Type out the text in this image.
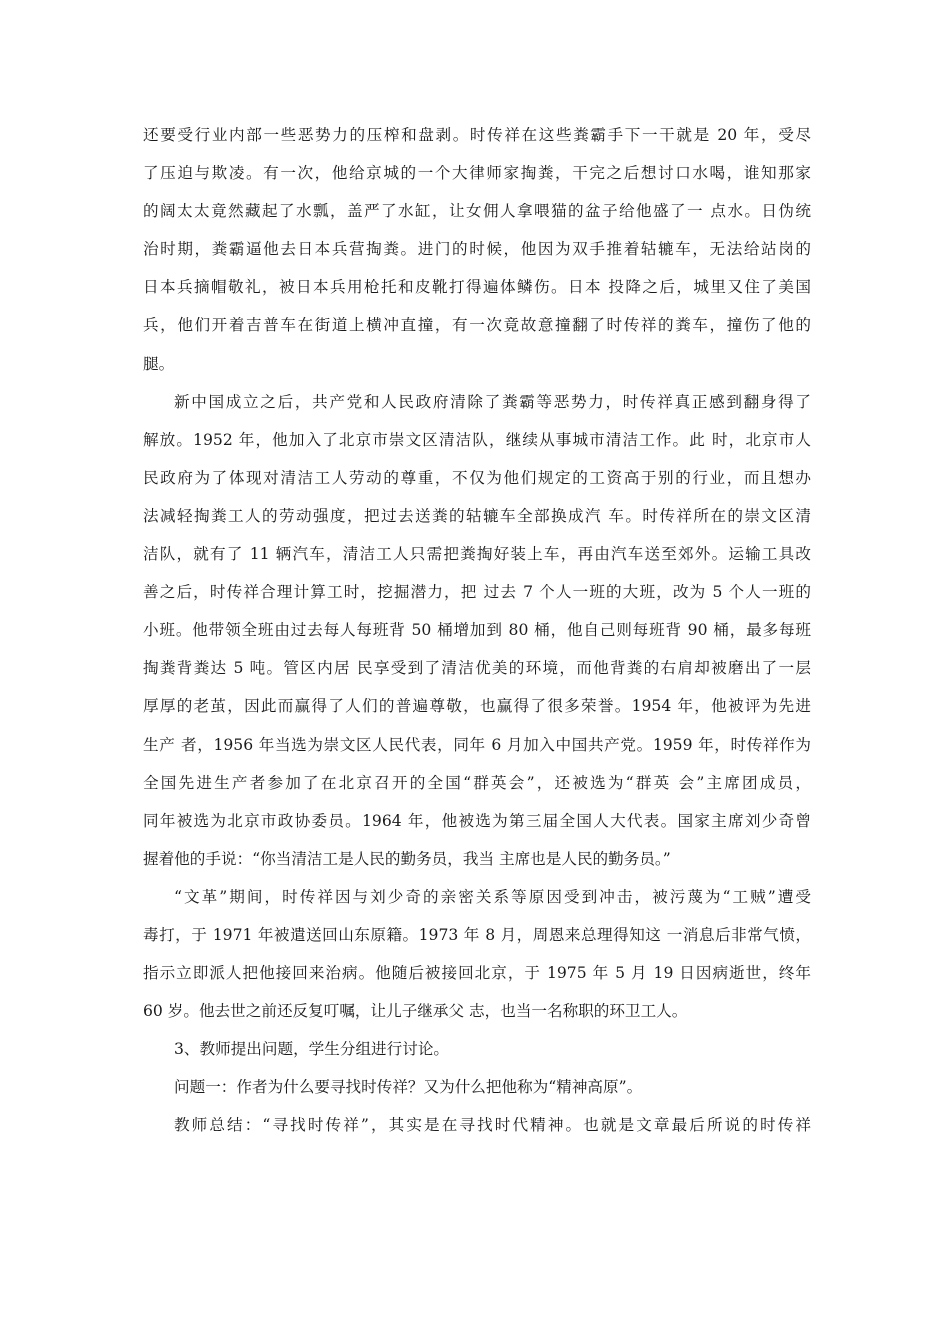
还要受行业内部一些恶势力的压榨和盘剥。时传祥在这些粪霸手下一干就是 20 年，受尽
了压迫与欺凌。有一次，他给京城的一个大律师家掏粪，干完之后想讨口水喝，谁知那家
的阔太太竟然藏起了水瓢，盖严了水缸，让女佣人拿喂猫的盆子给他盛了一 点水。日伪统
治时期，粪霸逼他去日本兵营掏粪。进门的时候，他因为双手推着轱辘车，无法给站岗的
日本兵摘帽敬礼，被日本兵用枪托和皮靴打得遍体鳞伤。日本 投降之后，城里又住了美国
兵，他们开着吉普车在街道上横冲直撞，有一次竟故意撞翻了时传祥的粪车，撞伤了他的
腿。
新中国成立之后，共产党和人民政府清除了粪霸等恶势力，时传祥真正感到翻身得了
解放。1952 年，他加入了北京市崇文区清洁队，继续从事城市清洁工作。此 时，北京市人
民政府为了体现对清洁工人劳动的尊重，不仅为他们规定的工资高于别的行业，而且想办
法减轻掏粪工人的劳动强度，把过去送粪的轱辘车全部换成汽 车。时传祥所在的崇文区清
洁队，就有了 11 辆汽车，清洁工人只需把粪掏好装上车，再由汽车送至郊外。运输工具改
善之后，时传祥合理计算工时，挖掘潜力，把 过去 7 个人一班的大班，改为 5 个人一班的
小班。他带领全班由过去每人每班背 50 桶增加到 80 桶，他自己则每班背 90 桶，最多每班
掏粪背粪达 5 吨。管区内居 民享受到了清洁优美的环境，而他背粪的右肩却被磨出了一层
厚厚的老茧，因此而赢得了人们的普遍尊敬，也赢得了很多荣誉。1954 年，他被评为先进
生产 者，1956 年当选为崇文区人民代表，同年 6 月加入中国共产党。1959 年，时传祥作为
全国先进生产者参加了在北京召开的全国“群英会”，还被选为“群英 会”主席团成员，
同年被选为北京市政协委员。1964 年，他被选为第三届全国人大代表。国家主席刘少奇曾
握着他的手说：“你当清洁工是人民的勤务员，我当 主席也是人民的勤务员。”
“文革”期间，时传祥因与刘少奇的亲密关系等原因受到冲击，被污蔑为“工贼”遭受
毒打，于 1971 年被遣送回山东原籍。1973 年 8 月，周恩来总理得知这 一消息后非常气愤，
指示立即派人把他接回来治病。他随后被接回北京，于 1975 年 5 月 19 日因病逝世，终年
60 岁。他去世之前还反复叮嘱，让儿子继承父 志，也当一名称职的环卫工人。
3、教师提出问题，学生分组进行讨论。
问题一：作者为什么要寻找时传祥？又为什么把他称为“精神高原”。
教师总结：“寻找时传祥”，其实是在寻找时代精神。也就是文章最后所说的时传祥
